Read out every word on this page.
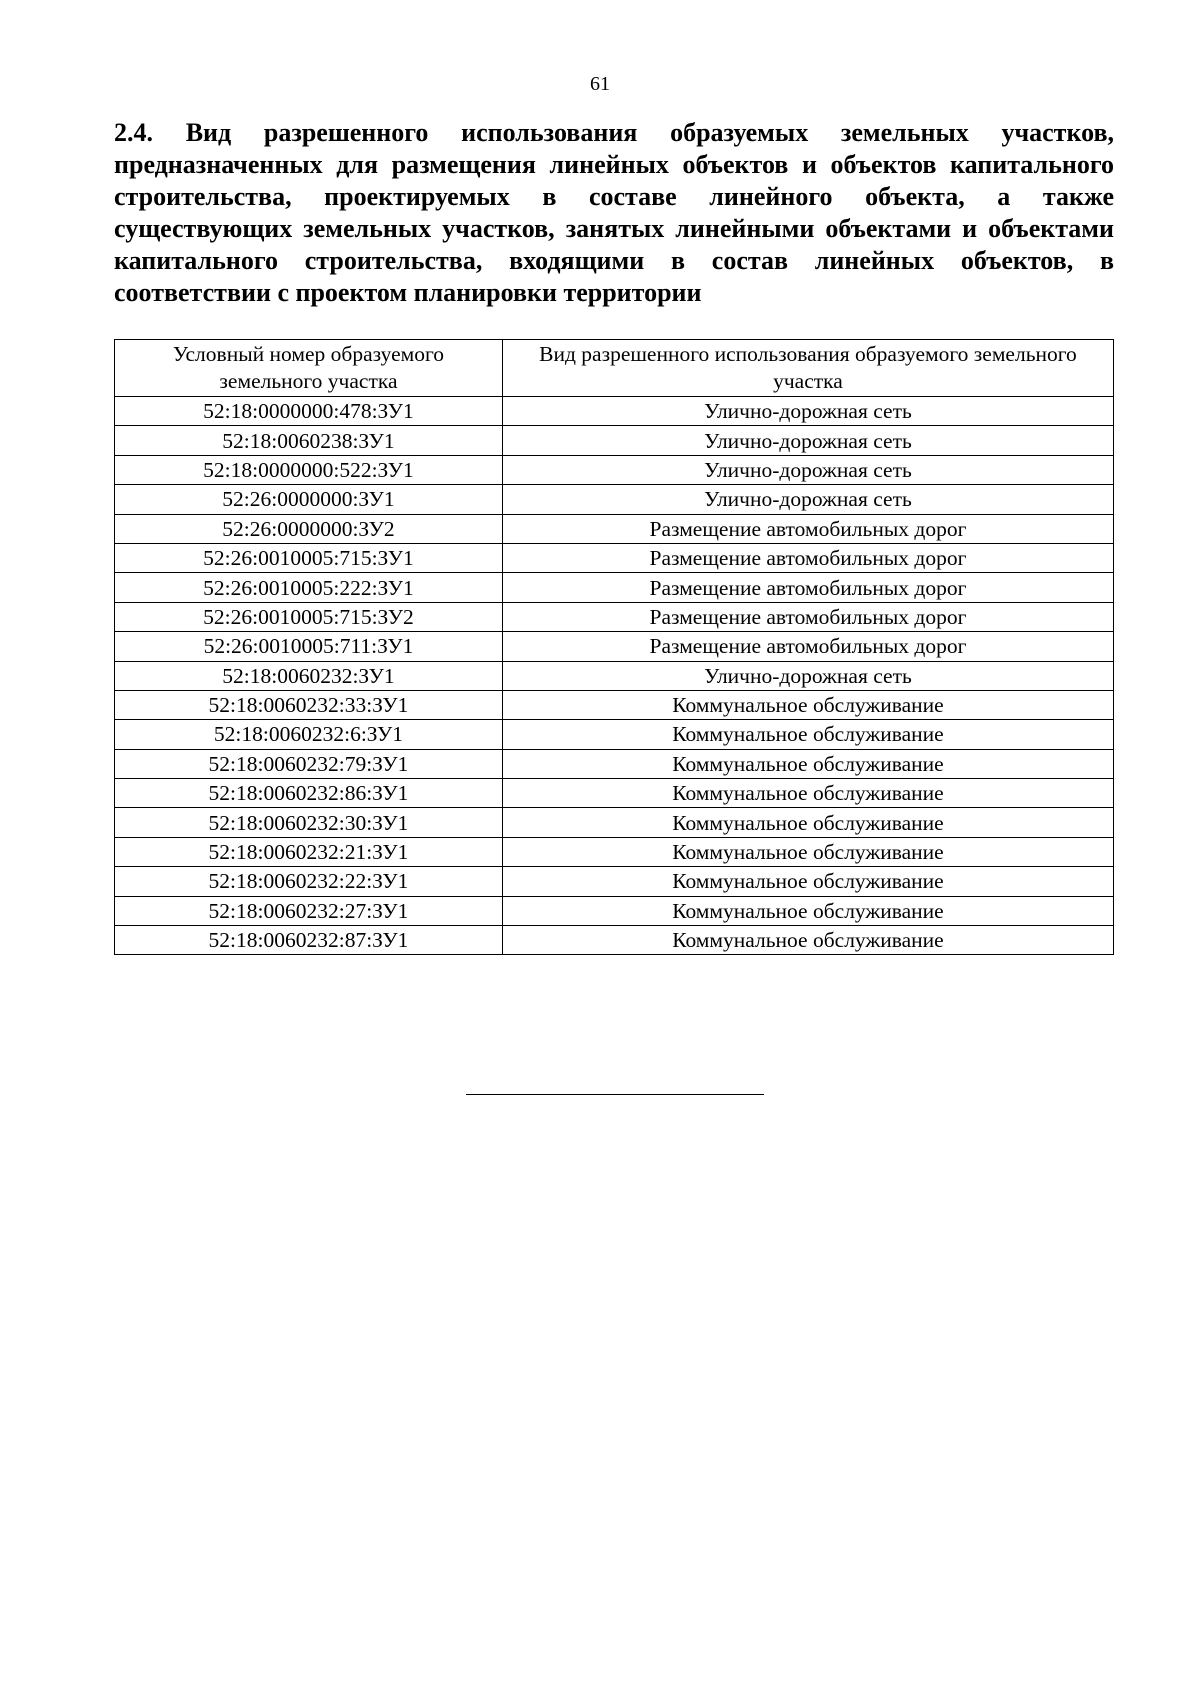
61

2.4. Вид разрешенного использования образуемых земельных участков, предназначенных для размещения линейных объектов и объектов капитального строительства, проектируемых в составе линейного объекта, а также существующих земельных участков, занятых линейными объектами и объектами капитального строительства, входящими в состав линейных объектов, в соответствии с проектом планировки территории

Условный номер образуемого земельного участка	Вид разрешенного использования образуемого земельного участка
52:18:0000000:478:ЗУ1	Улично-дорожная сеть
52:18:0060238:ЗУ1	Улично-дорожная сеть
52:18:0000000:522:ЗУ1	Улично-дорожная сеть
52:26:0000000:ЗУ1	Улично-дорожная сеть
52:26:0000000:ЗУ2	Размещение автомобильных дорог
52:26:0010005:715:ЗУ1	Размещение автомобильных дорог
52:26:0010005:222:ЗУ1	Размещение автомобильных дорог
52:26:0010005:715:ЗУ2	Размещение автомобильных дорог
52:26:0010005:711:ЗУ1	Размещение автомобильных дорог
52:18:0060232:ЗУ1	Улично-дорожная сеть
52:18:0060232:33:ЗУ1	Коммунальное обслуживание
52:18:0060232:6:ЗУ1	Коммунальное обслуживание
52:18:0060232:79:ЗУ1	Коммунальное обслуживание
52:18:0060232:86:ЗУ1	Коммунальное обслуживание
52:18:0060232:30:ЗУ1	Коммунальное обслуживание
52:18:0060232:21:ЗУ1	Коммунальное обслуживание
52:18:0060232:22:ЗУ1	Коммунальное обслуживание
52:18:0060232:27:ЗУ1	Коммунальное обслуживание
52:18:0060232:87:ЗУ1	Коммунальное обслуживание
